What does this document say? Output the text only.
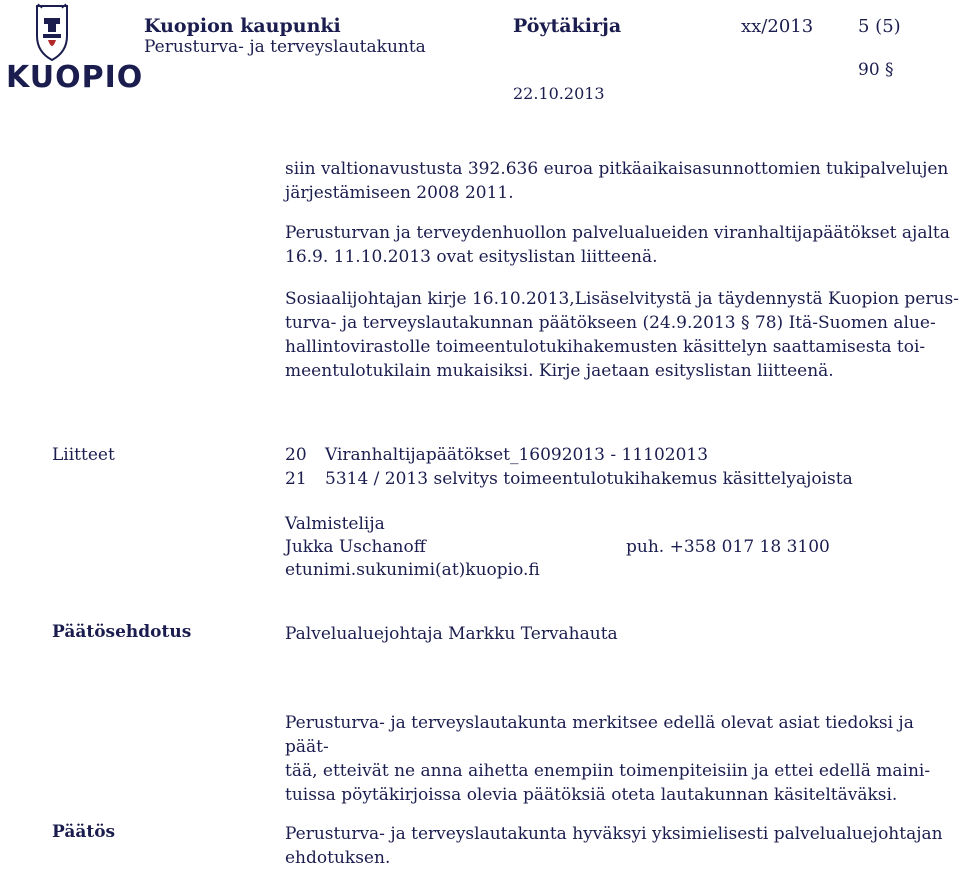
KUOPIO
Kuopion kaupunki
Perusturva- ja terveyslautakunta
Pöytäkirja	xx/2013 5 (5)
90 §
22.10.2013
siin valtionavustusta 392.636 euroa pitkäaikaisasunnottomien tukipalvelujen
järjestämiseen 2008 2011.
Perusturvan ja terveydenhuollon palvelualueiden viranhaltijapäätökset ajalta
16.9. 11.10.2013 ovat esityslistan liitteenä.
Sosiaalijohtajan kirje 16.10.2013,Lisäselvitystä ja täydennystä Kuopion perus-
turva- ja terveyslautakunnan päätökseen (24.9.2013 § 78) Itä-Suomen alue-
hallintovirastolle toimeentulotukihakemusten käsittelyn saattamisesta toi-
meentulotukilain mukaisiksi. Kirje jaetaan esityslistan liitteenä.
Liitteet	20 Viranhaltijapäätökset_16092013 - 11102013
21 5314 / 2013 selvitys toimeentulotukihakemus käsittelyajoista
Valmistelija
Jukka Uschanoff	puh. +358 017 18 3100
etunimi.sukunimi(at)kuopio.fi
Päätösehdotus	Palvelualuejohtaja Markku Tervahauta
Perusturva- ja terveyslautakunta merkitsee edellä olevat asiat tiedoksi ja päät-
tää, etteivät ne anna aihetta enempiin toimenpiteisiin ja ettei edellä maini-
tuissa pöytäkirjoissa olevia päätöksiä oteta lautakunnan käsiteltäväksi.
Päätös	Perusturva- ja terveyslautakunta hyväksyi yksimielisesti palvelualuejohtajan
ehdotuksen.
